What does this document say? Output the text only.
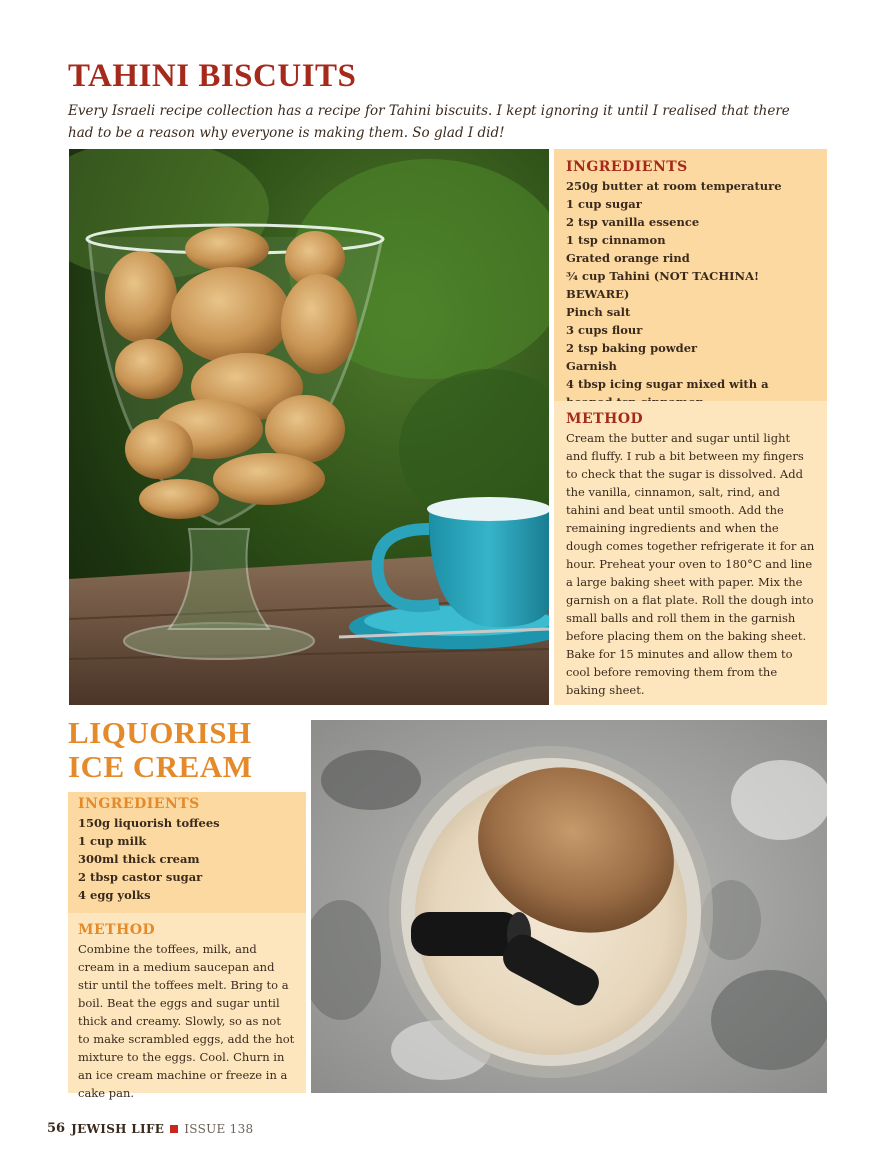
TAHINI BISCUITS

Every Israeli recipe collection has a recipe for Tahini biscuits. I kept ignoring it until I realised that there had to be a reason why everyone is making them. So glad I did!

INGREDIENTS
250g butter at room temperature
1 cup sugar
2 tsp vanilla essence
1 tsp cinnamon
Grated orange rind
¾ cup Tahini (NOT TACHINA! BEWARE)
Pinch salt
3 cups flour
2 tsp baking powder
Garnish
4 tbsp icing sugar mixed with a
METHOD

Cream the butter and sugar until light and fluffy. I rub a bit between my fingers to check that the sugar is dissolved. Add the vanilla, cinnamon, salt, rind, and tahini and beat until smooth. Add the remaining ingredients and when the dough comes together refrigerate it for an hour. Preheat your oven to 180°C and line a large baking sheet with paper. Mix the garnish on a flat plate. Roll the dough into small balls and roll them in the garnish before placing them on the baking sheet.

Bake for 15 minutes and allow them to cool before removing them from the baking sheet.

LIQUORISH
ICE CREAM
INGREDIENTS
150g liquorish toffees
1 cup milk
300ml thick cream
2 tbsp castor sugar
4 egg yolks
METHOD

Combine the toffees, milk, and cream in a medium saucepan and stir until the toffees melt. Bring to a boil. Beat the eggs and sugar until thick and creamy. Slowly, so as not to make scrambled eggs, add the hot mixture to the eggs. Cool. Churn in an ice cream machine or freeze in a cake pan.

56 JEWISH LIFE ISSUE 138
